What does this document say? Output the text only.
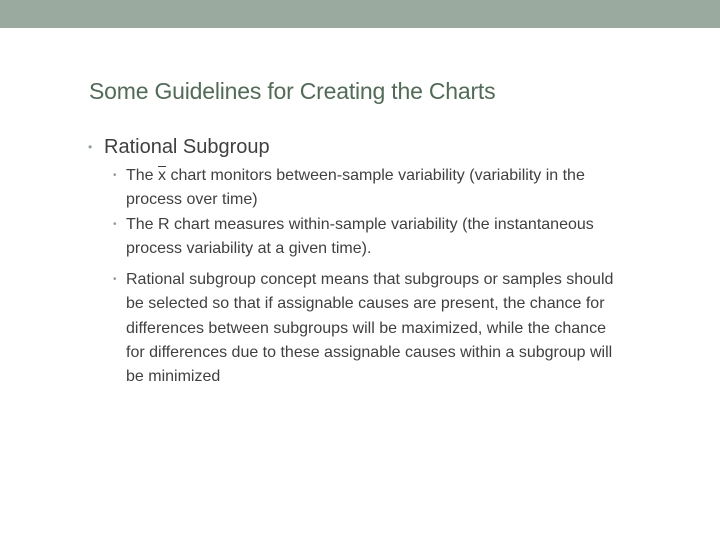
Some Guidelines for Creating the Charts
• Rational Subgroup
• The $\overline{x}$ chart monitors between-sample variability (variability in the process over time)
• The R chart measures within-sample variability (the instantaneous process variability at a given time).
• Rational subgroup concept means that subgroups or samples should be selected so that if assignable causes are present, the chance for differences between subgroups will be maximized, while the chance for differences due to these assignable causes within a subgroup will be minimized
